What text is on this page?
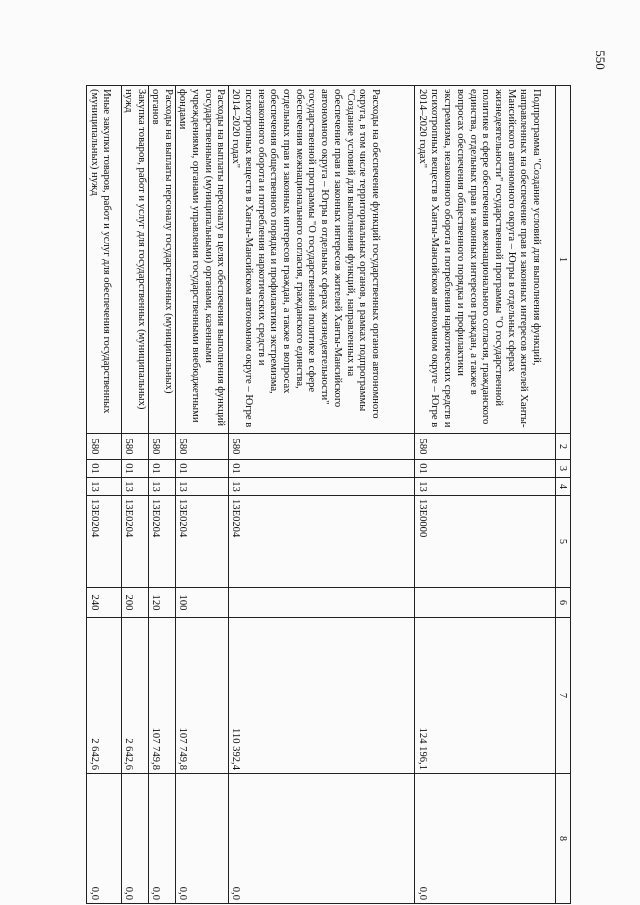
550
1	2	3	4	5	6	7	8
Подпрограмма "Создание условий для выполнения функций, направленных на обеспечение прав и законных интересов жителей Ханты-Мансийского автономного округа – Югры в отдельных сферах жизнедеятельности" государственной программы "О государственной политике в сфере обеспечения межнационального согласия, гражданского единства, отдельных прав и законных интересов граждан, а также в вопросах обеспечения общественного порядка и профилактики экстремизма, незаконного оборота и потребления наркотических средств и психотропных веществ в Ханты-Мансийском автономном округе – Югре в 2014–2020 годах"	580	01	13	13Е0000		124 196,1	0,0
Расходы на обеспечение функций государственных органов автономного округа, в том числе территориальных органов, в рамках подпрограммы "Создание условий для выполнения функций, направленных на обеспечение прав и законных интересов жителей Ханты-Мансийского автономного округа – Югры в отдельных сферах жизнедеятельности" государственной программы "О государственной политике в сфере обеспечения межнационального согласия, гражданского единства, отдельных прав и законных интересов граждан, а также в вопросах обеспечения общественного порядка и профилактики экстремизма, незаконного оборота и потребления наркотических средств и психотропных веществ в Ханты-Мансийском автономном округе – Югре в 2014–2020 годах"	580	01	13	13Е0204		110 392,4	0,0
Расходы на выплаты персоналу в целях обеспечения выполнения функций государственными (муниципальными) органами, казенными учреждениями, органами управления государственными внебюджетными фондами	580	01	13	13Е0204	100	107 749,8	0,0
Расходы на выплаты персоналу государственных (муниципальных) органов	580	01	13	13Е0204	120	107 749,8	0,0
Закупка товаров, работ и услуг для государственных (муниципальных) нужд	580	01	13	13Е0204	200	2 642,6	0,0
Иные закупки товаров, работ и услуг для обеспечения государственных (муниципальных) нужд	580	01	13	13Е0204	240	2 642,6	0,0
